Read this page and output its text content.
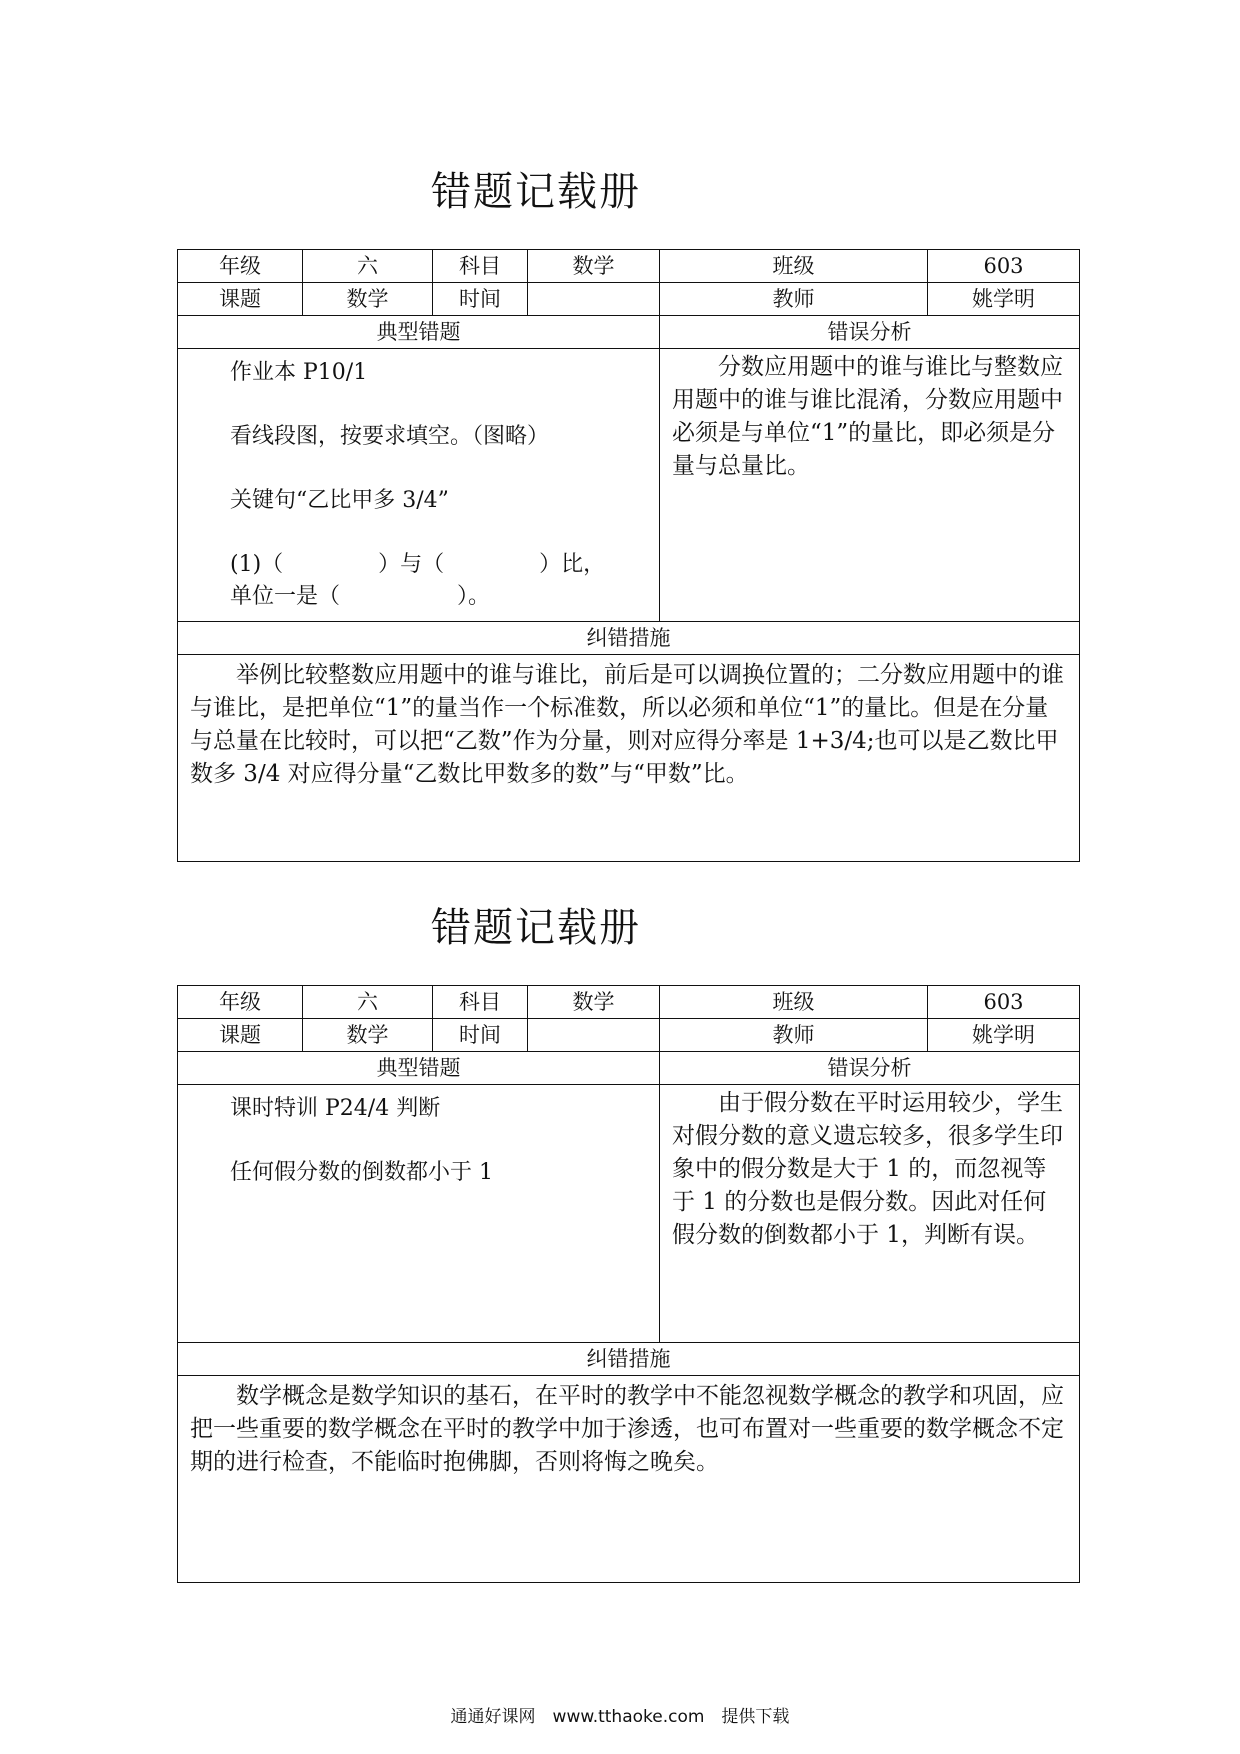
错题记载册
年级	六	科目	数学	班级	603
课题	数学	时间		教师	姚学明
典型错题				错误分析	

作业本 P10/1

看线段图，按要求填空。（图略）

关键句“乙比甲多 3/4”

(1)（　　　　 ）与（　　　　 ）比，

单位一是（　　　　　 ）。				分数应用题中的谁与谁比与整数应用题中的谁与谁比混淆，分数应用题中必须是与单位“1”的量比，即必须是分量与总量比。	
纠错措施					
举例比较整数应用题中的谁与谁比，前后是可以调换位置的；二分数应用题中的谁与谁比，是把单位“1”的量当作一个标准数，所以必须和单位“1”的量比。但是在分量与总量在比较时，可以把“乙数”作为分量，则对应得分率是 1+3/4;也可以是乙数比甲数多 3/4 对应得分量“乙数比甲数多的数”与“甲数”比。					
错题记载册
年级	六	科目	数学	班级	603
课题	数学	时间		教师	姚学明
典型错题				错误分析	

课时特训 P24/4 判断

任何假分数的倒数都小于 1				由于假分数在平时运用较少，学生对假分数的意义遗忘较多，很多学生印象中的假分数是大于 1 的，而忽视等于 1 的分数也是假分数。因此对任何假分数的倒数都小于 1，判断有误。	
纠错措施					
数学概念是数学知识的基石，在平时的教学中不能忽视数学概念的教学和巩固，应把一些重要的数学概念在平时的教学中加于渗透，也可布置对一些重要的数学概念不定期的进行检查，不能临时抱佛脚，否则将悔之晚矣。					
通通好课网　www.tthaoke.com　提供下载
